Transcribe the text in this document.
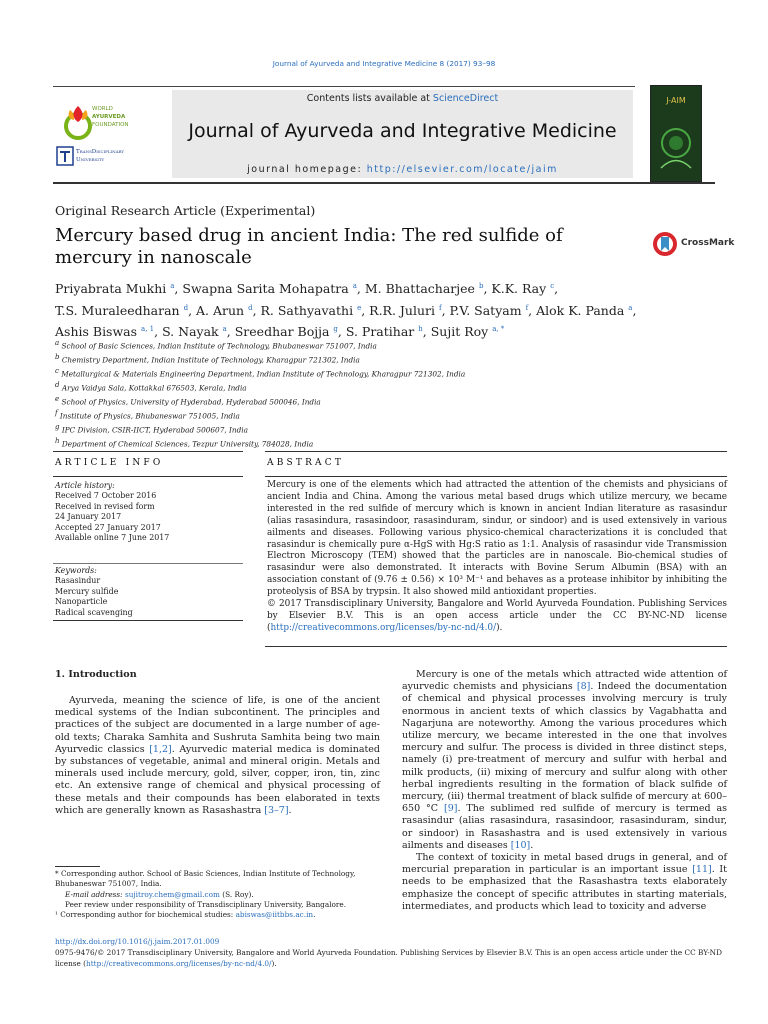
Journal of Ayurveda and Integrative Medicine 8 (2017) 93–98
Contents lists available at ScienceDirect
Journal of Ayurveda and Integrative Medicine
journal homepage: http://elsevier.com/locate/jaim
WORLD
AYURVEDA
FOUNDATION
TransDisciplinary
University
J-AIM
Original Research Article (Experimental)
Mercury based drug in ancient India: The red sulfide of mercury in nanoscale
CrossMark
Priyabrata Mukhi $^a$, Swapna Sarita Mohapatra $^a$, M. Bhattacharjee $^b$, K.K. Ray $^c$,
T.S. Muraleedharan $^d$, A. Arun $^d$, R. Sathyavathi $^e$, R.R. Juluri $^f$, P.V. Satyam $^f$, Alok K. Panda $^a$,
Ashis Biswas $^{a, 1}$, S. Nayak $^a$, Sreedhar Bojja $^g$, S. Pratihar $^h$, Sujit Roy $^{a, *}$
$^a$ School of Basic Sciences, Indian Institute of Technology, Bhubaneswar 751007, India
$^b$ Chemistry Department, Indian Institute of Technology, Kharagpur 721302, India
$^c$ Metallurgical & Materials Engineering Department, Indian Institute of Technology, Kharagpur 721302, India
$^d$ Arya Vaidya Sala, Kottakkal 676503, Kerala, India
$^e$ School of Physics, University of Hyderabad, Hyderabad 500046, India
$^f$ Institute of Physics, Bhubaneswar 751005, India
$^g$ IPC Division, CSIR-IICT, Hyderabad 500607, India
$^h$ Department of Chemical Sciences, Tezpur University, 784028, India
ARTICLE INFO	ABSTRACT
Article history:
Received 7 October 2016
Received in revised form
24 January 2017
Accepted 27 January 2017
Available online 7 June 2017
Keywords:
Rasasindur
Mercury sulfide
Nanoparticle
Radical scavenging
Mercury is one of the elements which had attracted the attention of the chemists and physicians of ancient India and China. Among the various metal based drugs which utilize mercury, we became interested in the red sulfide of mercury which is known in ancient Indian literature as rasasindur (alias rasasindura, rasasindoor, rasasinduram, sindur, or sindoor) and is used extensively in various ailments and diseases. Following various physico-chemical characterizations it is concluded that rasasindur is chemically pure α-HgS with Hg:S ratio as 1:1. Analysis of rasasindur vide Transmission Electron Microscopy (TEM) showed that the particles are in nanoscale. Bio-chemical studies of rasasindur were also demonstrated. It interacts with Bovine Serum Albumin (BSA) with an association constant of (9.76 ± 0.56) × 10³ M⁻¹ and behaves as a protease inhibitor by inhibiting the proteolysis of BSA by trypsin. It also showed mild antioxidant properties.
© 2017 Transdisciplinary University, Bangalore and World Ayurveda Foundation. Publishing Services by Elsevier B.V. This is an open access article under the CC BY-NC-ND license (http://creativecommons.org/licenses/by-nc-nd/4.0/).
1. Introduction
Ayurveda, meaning the science of life, is one of the ancient medical systems of the Indian subcontinent. The principles and practices of the subject are documented in a large number of age-old texts; Charaka Samhita and Sushruta Samhita being two main Ayurvedic classics [1,2]. Ayurvedic material medica is dominated by substances of vegetable, animal and mineral origin. Metals and minerals used include mercury, gold, silver, copper, iron, tin, zinc etc. An extensive range of chemical and physical processing of these metals and their compounds has been elaborated in texts which are generally known as Rasashastra [3–7].

Mercury is one of the metals which attracted wide attention of ayurvedic chemists and physicians [8]. Indeed the documentation of chemical and physical processes involving mercury is truly enormous in ancient texts of which classics by Vagabhatta and Nagarjuna are noteworthy. Among the various procedures which utilize mercury, we became interested in the one that involves mercury and sulfur. The process is divided in three distinct steps, namely (i) pre-treatment of mercury and sulfur with herbal and milk products, (ii) mixing of mercury and sulfur along with other herbal ingredients resulting in the formation of black sulfide of mercury, (iii) thermal treatment of black sulfide of mercury at 600–650 °C [9]. The sublimed red sulfide of mercury is termed as rasasindur (alias rasasindura, rasasindoor, rasasinduram, sindur, or sindoor) in Rasashastra and is used extensively in various ailments and diseases [10].

The context of toxicity in metal based drugs in general, and of mercurial preparation in particular is an important issue [11]. It needs to be emphasized that the Rasashastra texts elaborately emphasize the concept of specific attributes in starting materials, intermediates, and products which lead to toxicity and adverse

* Corresponding author. School of Basic Sciences, Indian Institute of Technology, Bhubaneswar 751007, India.
E-mail address: sujitroy.chem@gmail.com (S. Roy).
Peer review under responsibility of Transdisciplinary University, Bangalore.
¹ Corresponding author for biochemical studies: abiswas@iitbbs.ac.in.
http://dx.doi.org/10.1016/j.jaim.2017.01.009
0975-9476/© 2017 Transdisciplinary University, Bangalore and World Ayurveda Foundation. Publishing Services by Elsevier B.V. This is an open access article under the CC BY-ND license (http://creativecommons.org/licenses/by-nc-nd/4.0/).
